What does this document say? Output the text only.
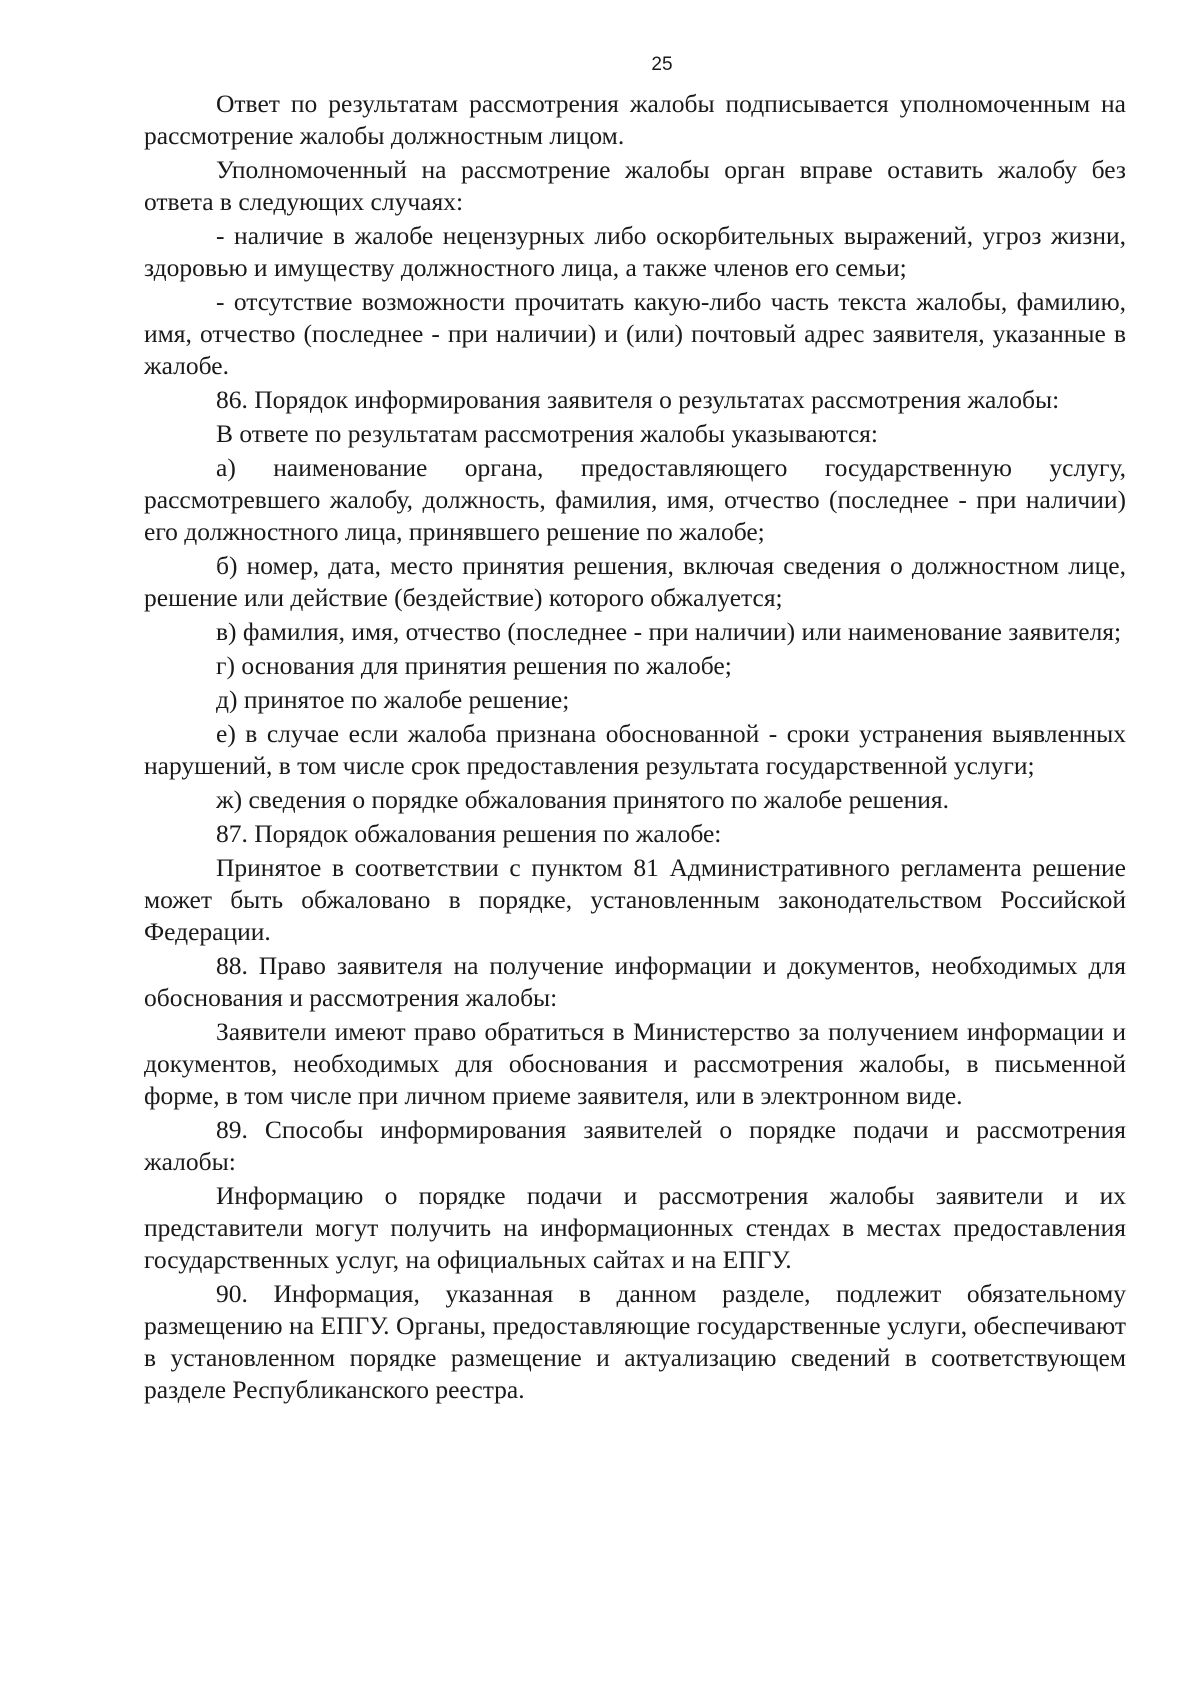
25

Ответ по результатам рассмотрения жалобы подписывается уполномоченным на рассмотрение жалобы должностным лицом.

Уполномоченный на рассмотрение жалобы орган вправе оставить жалобу без ответа в следующих случаях:

- наличие в жалобе нецензурных либо оскорбительных выражений, угроз жизни, здоровью и имуществу должностного лица, а также членов его семьи;

- отсутствие возможности прочитать какую-либо часть текста жалобы, фамилию, имя, отчество (последнее - при наличии) и (или) почтовый адрес заявителя, указанные в жалобе.

86. Порядок информирования заявителя о результатах рассмотрения жалобы:

В ответе по результатам рассмотрения жалобы указываются:

а) наименование органа, предоставляющего государственную услугу, рассмотревшего жалобу, должность, фамилия, имя, отчество (последнее - при наличии) его должностного лица, принявшего решение по жалобе;

б) номер, дата, место принятия решения, включая сведения о должностном лице, решение или действие (бездействие) которого обжалуется;

в) фамилия, имя, отчество (последнее - при наличии) или наименование заявителя;

г) основания для принятия решения по жалобе;

д) принятое по жалобе решение;

е) в случае если жалоба признана обоснованной - сроки устранения выявленных нарушений, в том числе срок предоставления результата государственной услуги;

ж) сведения о порядке обжалования принятого по жалобе решения.

87. Порядок обжалования решения по жалобе:

Принятое в соответствии с пунктом 81 Административного регламента решение может быть обжаловано в порядке, установленным законодательством Российской Федерации.

88. Право заявителя на получение информации и документов, необходимых для обоснования и рассмотрения жалобы:

Заявители имеют право обратиться в Министерство за получением информации и документов, необходимых для обоснования и рассмотрения жалобы, в письменной форме, в том числе при личном приеме заявителя, или в электронном виде.

89. Способы информирования заявителей о порядке подачи и рассмотрения жалобы:

Информацию о порядке подачи и рассмотрения жалобы заявители и их представители могут получить на информационных стендах в местах предоставления государственных услуг, на официальных сайтах и на ЕПГУ.

90. Информация, указанная в данном разделе, подлежит обязательному размещению на ЕПГУ. Органы, предоставляющие государственные услуги, обеспечивают в установленном порядке размещение и актуализацию сведений в соответствующем разделе Республиканского реестра.
